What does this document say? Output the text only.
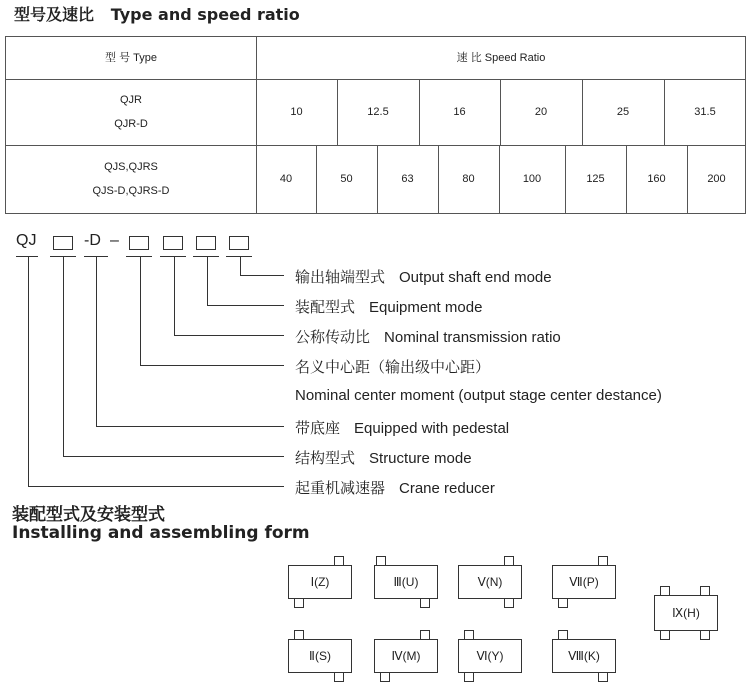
型号及速比 Type and speed ratio
型 号 Type	速 比 Speed Ratio
QJR
QJR-D
10	12.5	16	20	25	31.5
QJS,QJRS
QJS-D,QJRS-D
40	50	63	80	100	125	160	200
QJ	-D –
输出轴端型式 Output shaft end mode
装配型式 Equipment mode
公称传动比 Nominal transmission ratio
名义中心距（输出级中心距）
Nominal center moment (output stage center destance)
带底座 Equipped with pedestal
结构型式 Structure mode
起重机减速器 Crane reducer
装配型式及安装型式
Installing and assembling form
Ⅰ(Z)	Ⅲ(U)	Ⅴ(N)	Ⅶ(P)
Ⅱ(S)	Ⅳ(M)	Ⅵ(Y)	Ⅷ(K)
Ⅸ(H)
